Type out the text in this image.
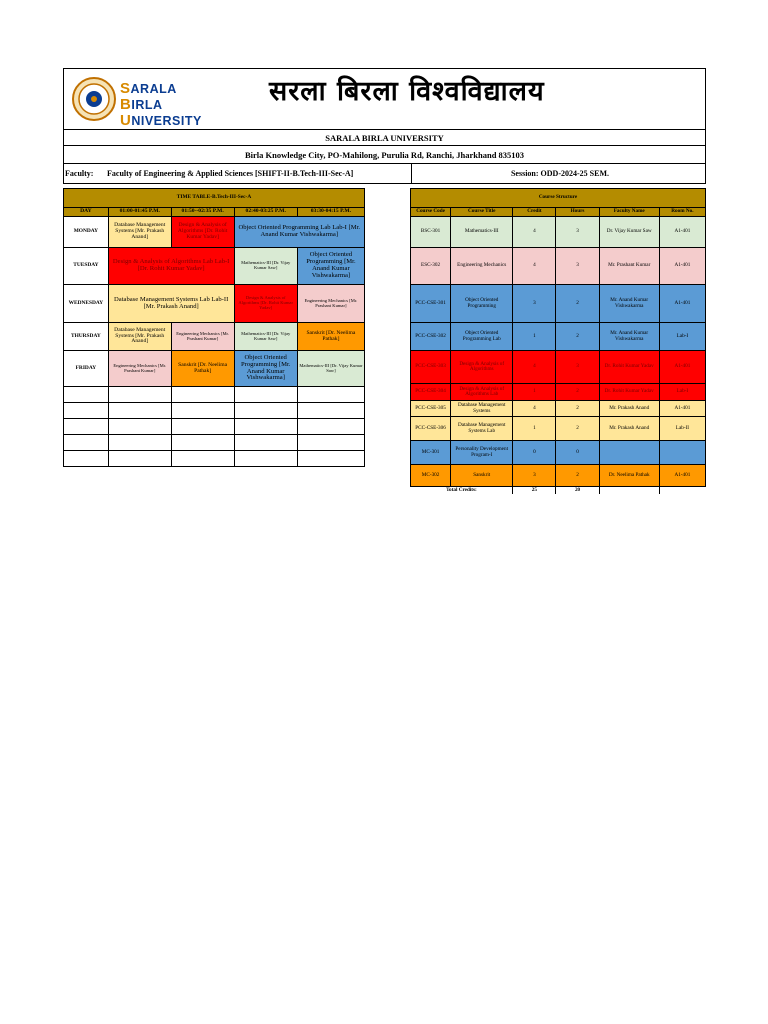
SARALA
BIRLA
UNIVERSITY
सरला बिरला विश्वविद्यालय
SARALA BIRLA UNIVERSITY
Birla Knowledge City, PO-Mahilong, Purulia Rd, Ranchi, Jharkhand 835103
Faculty: Faculty of Engineering & Applied Sciences [SHIFT-II-B.Tech-III-Sec-A]	Session: ODD-2024-25 SEM.
TIME TABLE-B.Tech-III-Sec-A				
DAY	01:00-01:45 P.M.	01:50--02:35 P.M.	02:40-03:25 P.M.	03:30-04:15 P.M.
MONDAY	Database Management Systems [Mr. Prakash Anand]	Design & Analysis of Algorithms [Dr. Rohit Kumar Yadav]	Object Oriented Programming Lab Lab-I [Mr. Anand Kumar Vishwakarma]	
TUESDAY	Design & Analysis of Algorithms Lab Lab-I [Dr. Rohit Kumar Yadav]		Mathematics-III [Dr. Vijay Kumar Saw]	Object Oriented Programming [Mr. Anand Kumar Vishwakarma]
WEDNESDAY	Database Management Systems Lab Lab-II [Mr. Prakash Anand]		Design & Analysis of Algorithms [Dr. Rohit Kumar Yadav]	Engineering Mechanics [Mr. Prashant Kumar]
THURSDAY	Database Management Systems [Mr. Prakash Anand]	Engineering Mechanics [Mr. Prashant Kumar]	Mathematics-III [Dr. Vijay Kumar Saw]	Sanskrit [Dr. Neelima Pathak]
FRIDAY	Engineering Mechanics [Mr. Prashant Kumar]	Sanskrit [Dr. Neelima Pathak]	Object Oriented Programming [Mr. Anand Kumar Vishwakarma]	Mathematics-III [Dr. Vijay Kumar Saw]

Course Structure					
Course Code	Course Title	Credit	Hours	Faculty Name	Room No.
BSC-301	Mathematics-III	4	3	Dr. Vijay Kumar Saw	A1-401
ESC-302	Engineering Mechanics	4	3	Mr. Prashant Kumar	A1-401
PCC-CSE-301	Object Oriented Programming	3	2	Mr. Anand Kumar Vishwakarma	A1-401
PCC-CSE-302	Object Oriented Programming Lab	1	2	Mr. Anand Kumar Vishwakarma	Lab-I
PCC-CSE-303	Design & Analysis of Algorithms	4	3	Dr. Rohit Kumar Yadav	A1-401
PCC-CSE-304	Design & Analysis of Algorithms Lab	1	2	Dr. Rohit Kumar Yadav	Lab-I
PCC-CSE-305	Database Management Systems	4	2	Mr. Prakash Anand	A1-401
PCC-CSE-306	Database Management Systems Lab	1	2	Mr. Prakash Anand	Lab-II
MC-301	Personality Development Program-I	0	0		
MC-302	Sanskrit	3	2	Dr. Neelima Pathak	A1-401
Total Credits:		25	20		
